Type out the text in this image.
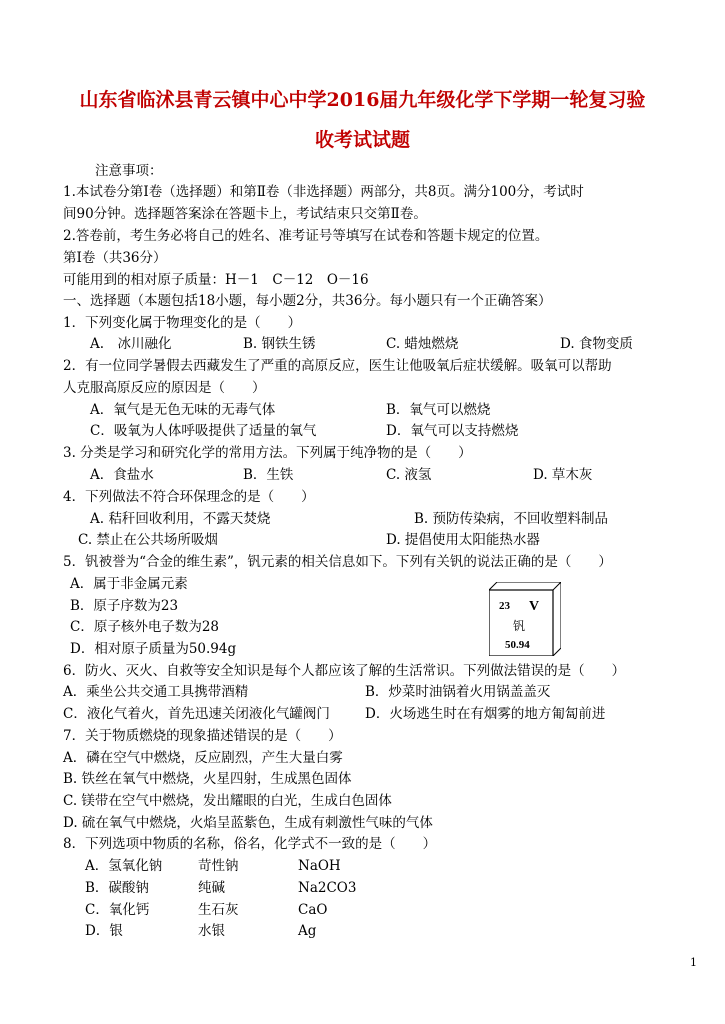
山东省临沭县青云镇中心中学2016届九年级化学下学期一轮复习验
收考试试题
注意事项：
1.本试卷分第Ⅰ卷（选择题）和第Ⅱ卷（非选择题）两部分，共8页。满分100分，考试时
间90分钟。选择题答案涂在答题卡上，考试结束只交第Ⅱ卷。
2.答卷前，考生务必将自己的姓名、准考证号等填写在试卷和答题卡规定的位置。
第Ⅰ卷（共36分）
可能用到的相对原子质量：H－1　C－12　O－16
一、选择题（本题包括18小题，每小题2分，共36分。每小题只有一个正确答案）
1．下列变化属于物理变化的是（　　）
A.　冰川融化	B. 钢铁生锈	C. 蜡烛燃烧	D. 食物变质
2．有一位同学暑假去西藏发生了严重的高原反应，医生让他吸氧后症状缓解。吸氧可以帮助
人克服高原反应的原因是（　　）
A．氧气是无色无味的无毒气体	B．氧气可以燃烧
C．吸氧为人体呼吸提供了适量的氧气	D．氧气可以支持燃烧
3. 分类是学习和研究化学的常用方法。下列属于纯净物的是（　　）
A．食盐水	B．生铁	C. 液氢	D. 草木灰
4．下列做法不符合环保理念的是（　　）
A. 秸秆回收利用，不露天焚烧	B. 预防传染病，不回收塑料制品
C. 禁止在公共场所吸烟	D. 提倡使用太阳能热水器
5．钒被誉为“合金的维生素”，钒元素的相关信息如下。下列有关钒的说法正确的是（　　）
A．属于非金属元素
B．原子序数为23
C．原子核外电子数为28
D．相对原子质量为50.94g
23 V
钒
50.94
6．防火、灭火、自救等安全知识是每个人都应该了解的生活常识。下列做法错误的是（　　）
A．乘坐公共交通工具携带酒精	B．炒菜时油锅着火用锅盖盖灭
C．液化气着火，首先迅速关闭液化气罐阀门	D．火场逃生时在有烟雾的地方匍匐前进
7．关于物质燃烧的现象描述错误的是（　　）
A．磷在空气中燃烧，反应剧烈，产生大量白雾
B. 铁丝在氧气中燃烧，火星四射，生成黑色固体
C. 镁带在空气中燃烧，发出耀眼的白光，生成白色固体
D. 硫在氧气中燃烧，火焰呈蓝紫色，生成有刺激性气味的气体
8．下列选项中物质的名称，俗名，化学式不一致的是（　　）
A．氢氧化钠	苛性钠	NaOH
B．碳酸钠	纯碱	Na2CO3
C．氧化钙	生石灰	CaO
D．银	水银	Ag
1
